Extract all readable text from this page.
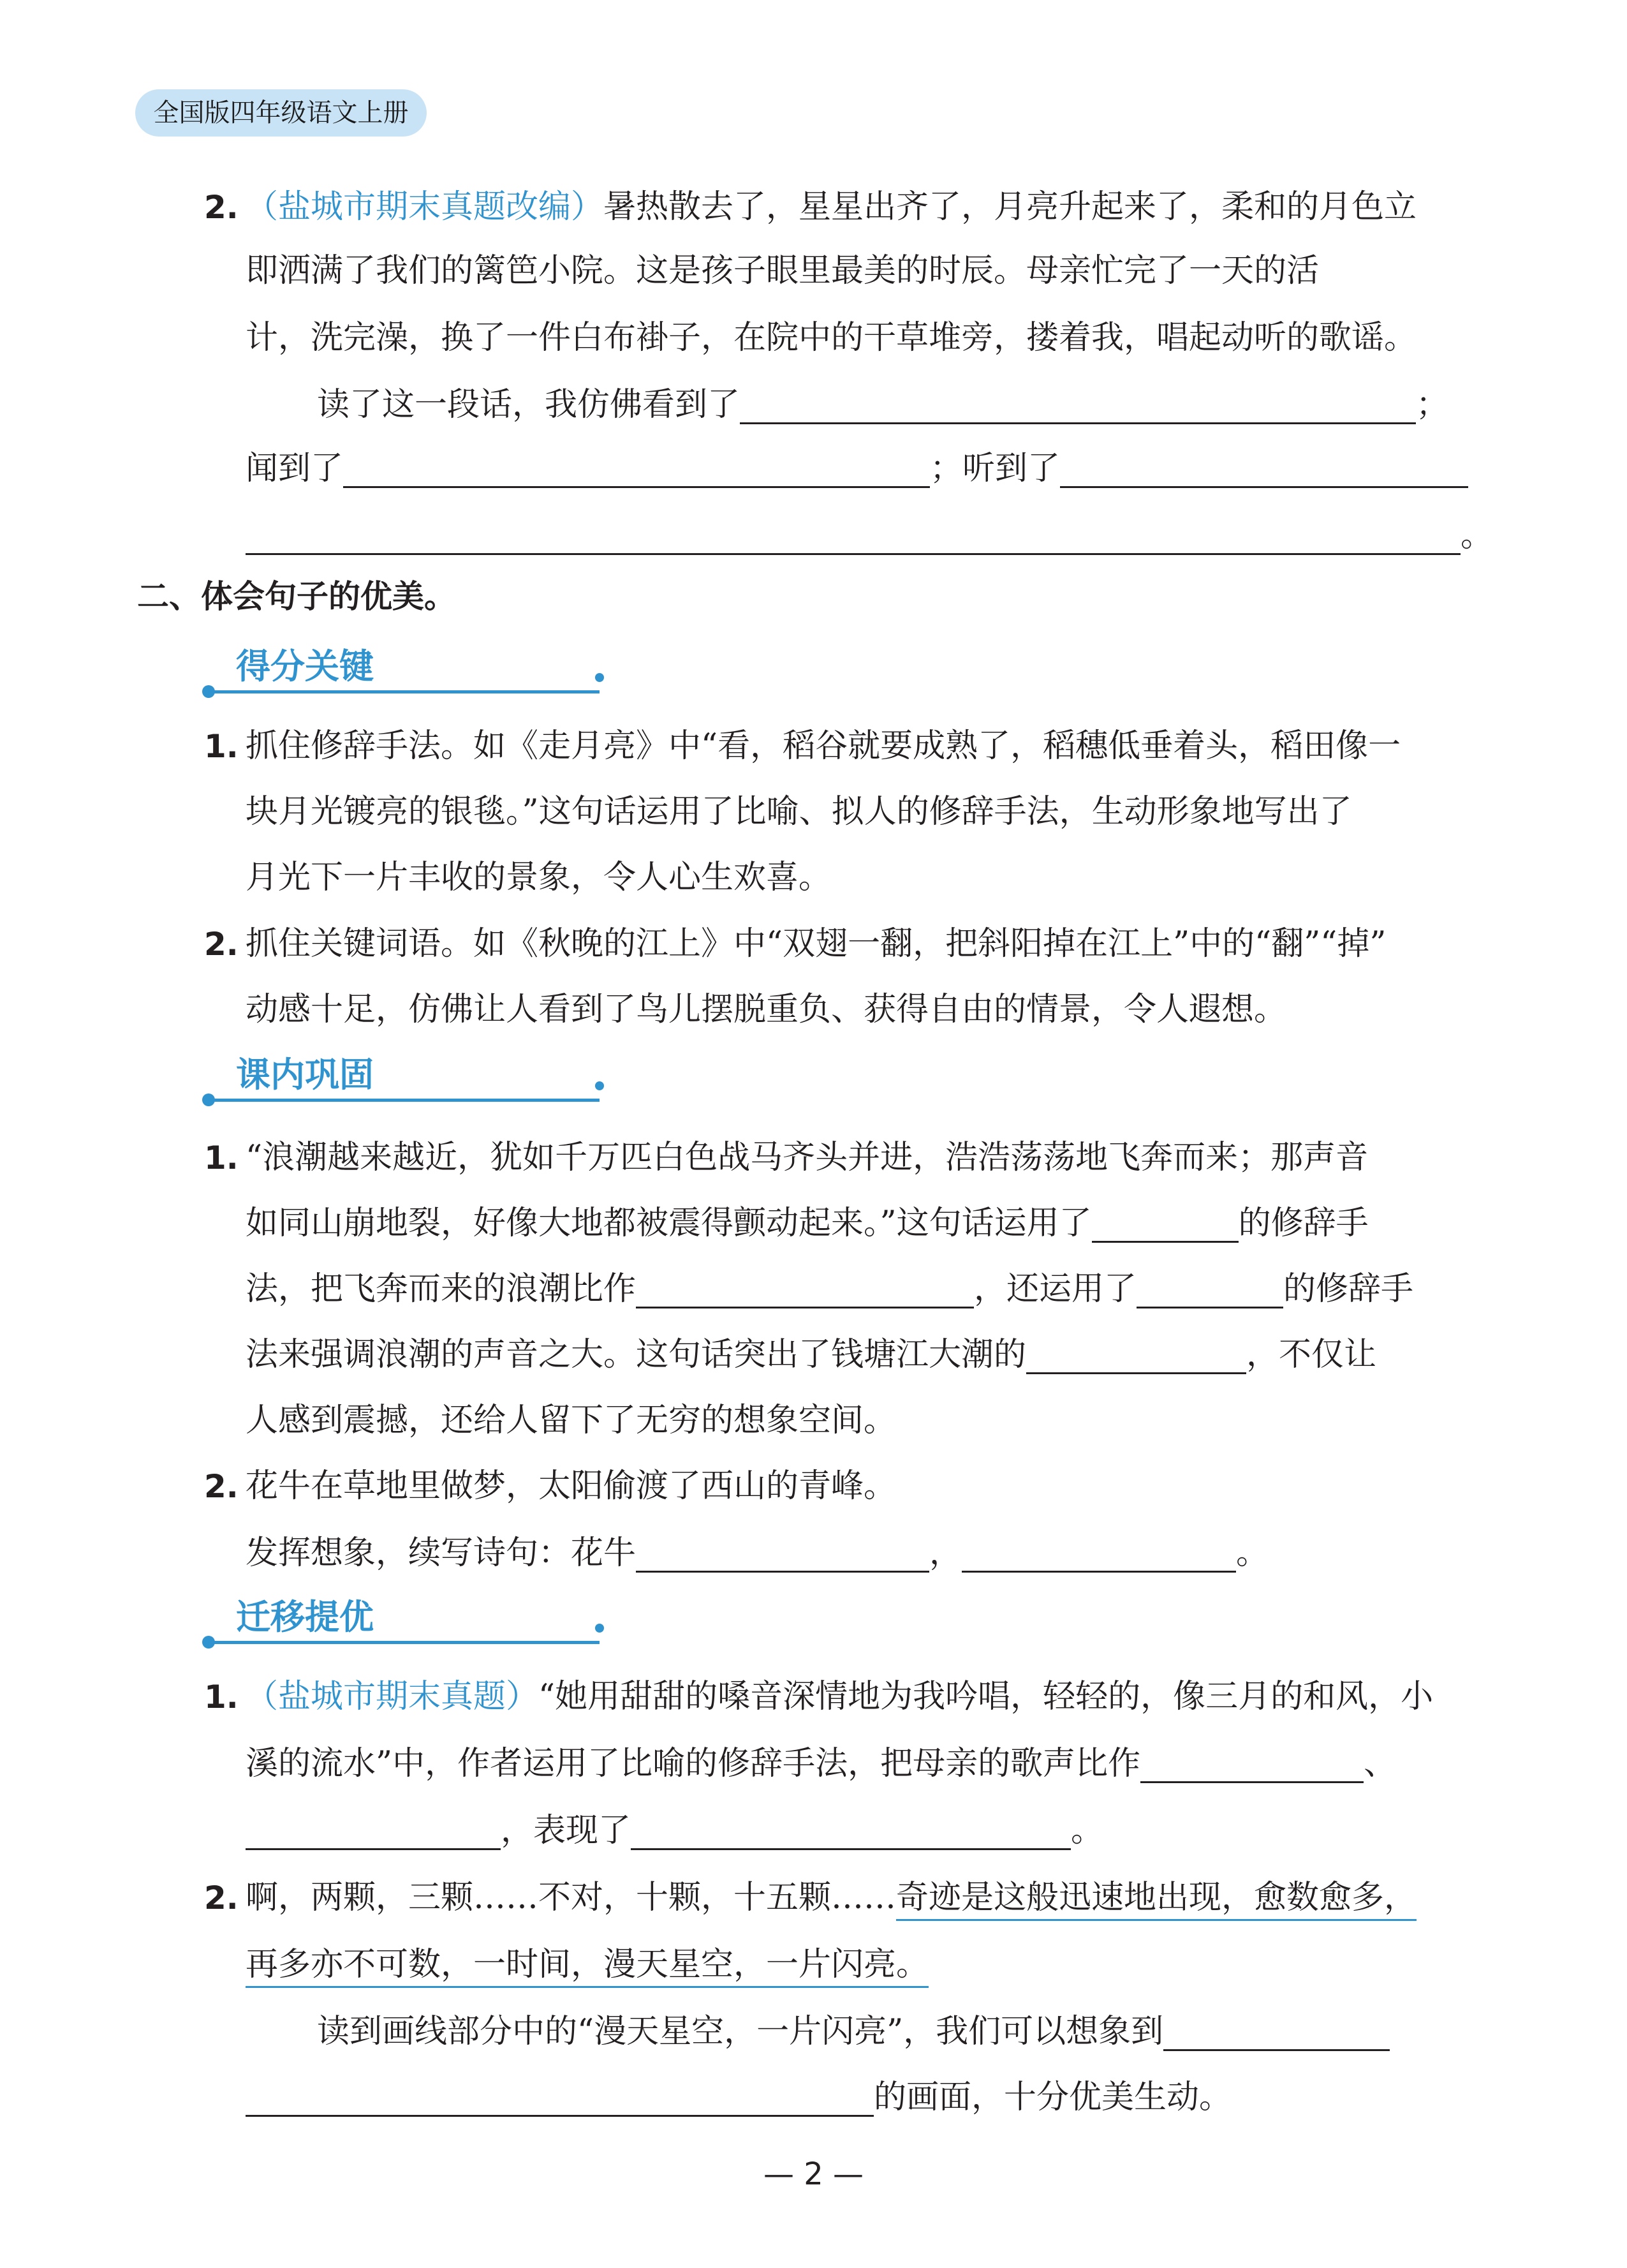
全国版四年级语文上册
2. （盐城市期末真题改编）暑热散去了，星星出齐了，月亮升起来了，柔和的月色立
即洒满了我们的篱笆小院。这是孩子眼里最美的时辰。母亲忙完了一天的活
计，洗完澡，换了一件白布褂子，在院中的干草堆旁，搂着我，唱起动听的歌谣。
读了这一段话，我仿佛看到了	；
闻到了	；听到了
。
二、体会句子的优美。
得分关键
1. 抓住修辞手法。如《走月亮》中“看，稻谷就要成熟了，稻穗低垂着头，稻田像一
块月光镀亮的银毯。”这句话运用了比喻、拟人的修辞手法，生动形象地写出了
月光下一片丰收的景象，令人心生欢喜。
2. 抓住关键词语。如《秋晚的江上》中“双翅一翻，把斜阳掉在江上”中的“翻”“掉”
动感十足，仿佛让人看到了鸟儿摆脱重负、获得自由的情景，令人遐想。
课内巩固
1. “浪潮越来越近，犹如千万匹白色战马齐头并进，浩浩荡荡地飞奔而来；那声音
如同山崩地裂，好像大地都被震得颤动起来。”这句话运用了	的修辞手
法，把飞奔而来的浪潮比作	，还运用了	的修辞手
法来强调浪潮的声音之大。这句话突出了钱塘江大潮的	，不仅让
人感到震撼，还给人留下了无穷的想象空间。
2. 花牛在草地里做梦，太阳偷渡了西山的青峰。
发挥想象，续写诗句：花牛	，	。
迁移提优
1. （盐城市期末真题）“她用甜甜的嗓音深情地为我吟唱，轻轻的，像三月的和风，小
溪的流水”中，作者运用了比喻的修辞手法，把母亲的歌声比作	、
，表现了	。
2. 啊，两颗，三颗……不对，十颗，十五颗……奇迹是这般迅速地出现，愈数愈多，
再多亦不可数，一时间，漫天星空，一片闪亮。
读到画线部分中的“漫天星空，一片闪亮”，我们可以想象到
的画面，十分优美生动。
— 2 —
